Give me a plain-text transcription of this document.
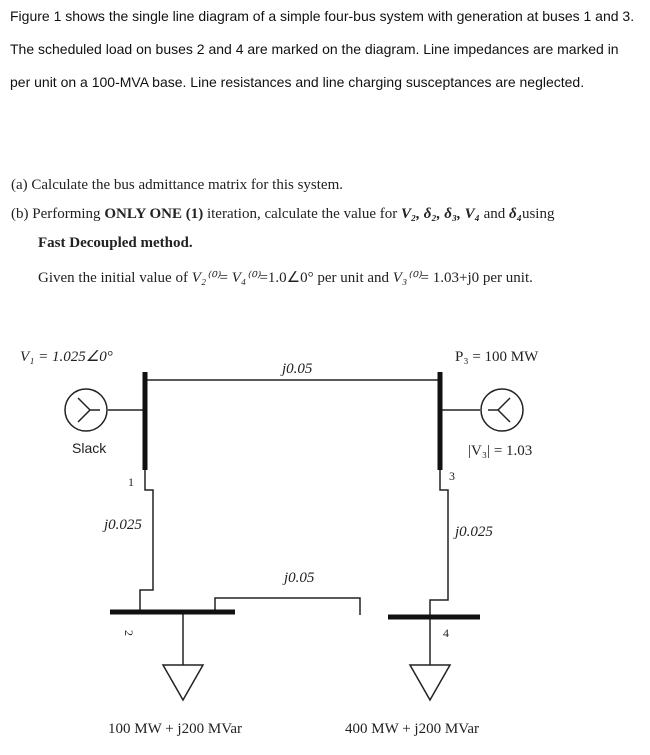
Figure 1 shows the single line diagram of a simple four-bus system with generation at buses 1 and 3. The scheduled load on buses 2 and 4 are marked on the diagram. Line impedances are marked in per unit on a 100-MVA base. Line resistances and line charging susceptances are neglected.

(a) Calculate the bus admittance matrix for this system.

(b) Performing ONLY ONE (1) iteration, calculate the value for V₂, δ₂, δ₃, V₄ and δ₄using

Fast Decoupled method.

Given the initial value of V₂⁽⁰⁾= V₄⁽⁰⁾=1.0∠0° per unit and V₃⁽⁰⁾= 1.03+j0 per unit.

V₁ = 1.025∠0°	P₃ = 100 MW
j0.05
Slack	|V₃| = 1.03
1	3
j0.025	j0.025
j0.05
2	4
100 MW + j200 MVar	400 MW + j200 MVar
